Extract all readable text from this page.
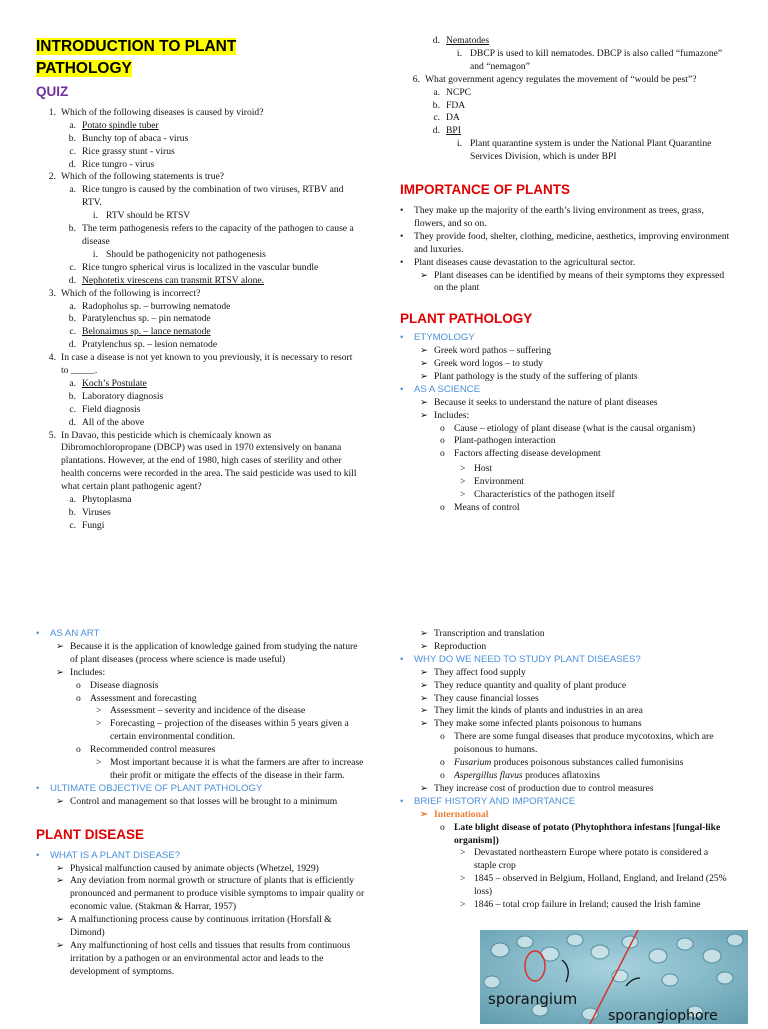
INTRODUCTION TO PLANT
PATHOLOGY
QUIZ
1. Which of the following diseases is caused by viroid?
a. Potato spindle tuber
b. Bunchy top of abaca - virus
c. Rice grassy stunt - virus
d. Rice tungro - virus
2. Which of the following statements is true?
a. Rice tungro is caused by the combination of two viruses, RTBV and RTV.
i. RTV should be RTSV
b. The term pathogenesis refers to the capacity of the pathogen to cause a disease
i. Should be pathogenicity not pathogenesis
c. Rice tungro spherical virus is localized in the vascular bundle
d. Nephotetix virescens can transmit RTSV alone.
3. Which of the following is incorrect?
a. Radopholus sp. – burrowing nematode
b. Paratylenchus sp. – pin nematode
c. Belonaimus sp. – lance nematode
d. Pratylenchus sp. – lesion nematode
4. In case a disease is not yet known to you previously, it is necessary to resort to _____.
a. Koch’s Postulate
b. Laboratory diagnosis
c. Field diagnosis
d. All of the above
5. In Davao, this pesticide which is chemicaaly known as Dibromochloropropane (DBCP) was used in 1970 extensively on banana plantations. However, at the end of 1980, high cases of sterility and other health concerns were recorded in the area. The said pesticide was used to kill what certain plant pathogenic agent?
a. Phytoplasma
b. Viruses
c. Fungi
d. Nematodes
i. DBCP is used to kill nematodes. DBCP is also called “fumazone” and “nemagon”
6. What government agency regulates the movement of “would be pest”?
a. NCPC
b. FDA
c. DA
d. BPI
i. Plant quarantine system is under the National Plant Quarantine Services Division, which is under BPI
IMPORTANCE OF PLANTS
•	They make up the majority of the earth’s living environment as trees, grass, flowers, and so on.
•	They provide food, shelter, clothing, medicine, aesthetics, improving environment and luxuries.
•	Plant diseases cause devastation to the agricultural sector.
➢ Plant diseases can be identified by means of their symptoms they expressed on the plant
PLANT PATHOLOGY
•	ETYMOLOGY
➢ Greek word pathos – suffering
➢ Greek word logos – to study
➢ Plant pathology is the study of the suffering of plants
•	AS A SCIENCE
➢ Because it seeks to understand the nature of plant diseases
➢ Includes:
o Cause – etiology of plant disease (what is the causal organism)
o Plant-pathogen interaction
o Factors affecting disease development
> Host
> Environment
> Characteristics of the pathogen itself
o Means of control
•	AS AN ART
➢ Because it is the application of knowledge gained from studying the nature of plant diseases (process where science is made useful)
➢ Includes:
o Disease diagnosis
o Assessment and forecasting
> Assessment – severity and incidence of the disease
> Forecasting – projection of the diseases within 5 years given a certain environmental condition.
o Recommended control measures
> Most important because it is what the farmers are after to increase their profit or mitigate the effects of the disease in their farm.
•	ULTIMATE OBJECTIVE OF PLANT PATHOLOGY
➢ Control and management so that losses will be brought to a minimum
PLANT DISEASE
•	WHAT IS A PLANT DISEASE?
➢ Physical malfunction caused by animate objects (Whetzel, 1929)
➢ Any deviation from normal growth or structure of plants that is efficiently pronounced and permanent to produce visible symptoms to impair quality or economic value. (Stakman & Harrar, 1957)
➢ A malfunctioning process cause by continuous irritation (Horsfall & Dimond)
➢ Any malfunctioning of host cells and tissues that results from continuous irritation by a pathogen or an environmental actor and leads to the development of symptoms.
➢ Transcription and translation
➢ Reproduction
•	WHY DO WE NEED TO STUDY PLANT DISEASES?
➢ They affect food supply
➢ They reduce quantity and quality of plant produce
➢ They cause financial losses
➢ They limit the kinds of plants and industries in an area
➢ They make some infected plants poisonous to humans
o There are some fungal diseases that produce mycotoxins, which are poisonous to humans.
o Fusarium produces poisonous substances called fumonisins
o Aspergillus flavus produces aflatoxins
➢ They increase cost of production due to control measures
•	BRIEF HISTORY AND IMPORTANCE
➢ International
o Late blight disease of potato (Phytophthora infestans [fungal-like organism])
> Devastated northeastern Europe where potato is considered a staple crop
> 1845 – observed in Belgium, Holland, England, and Ireland (25% loss)
> 1846 – total crop failure in Ireland; caused the Irish famine
sporangium
sporangiophore
